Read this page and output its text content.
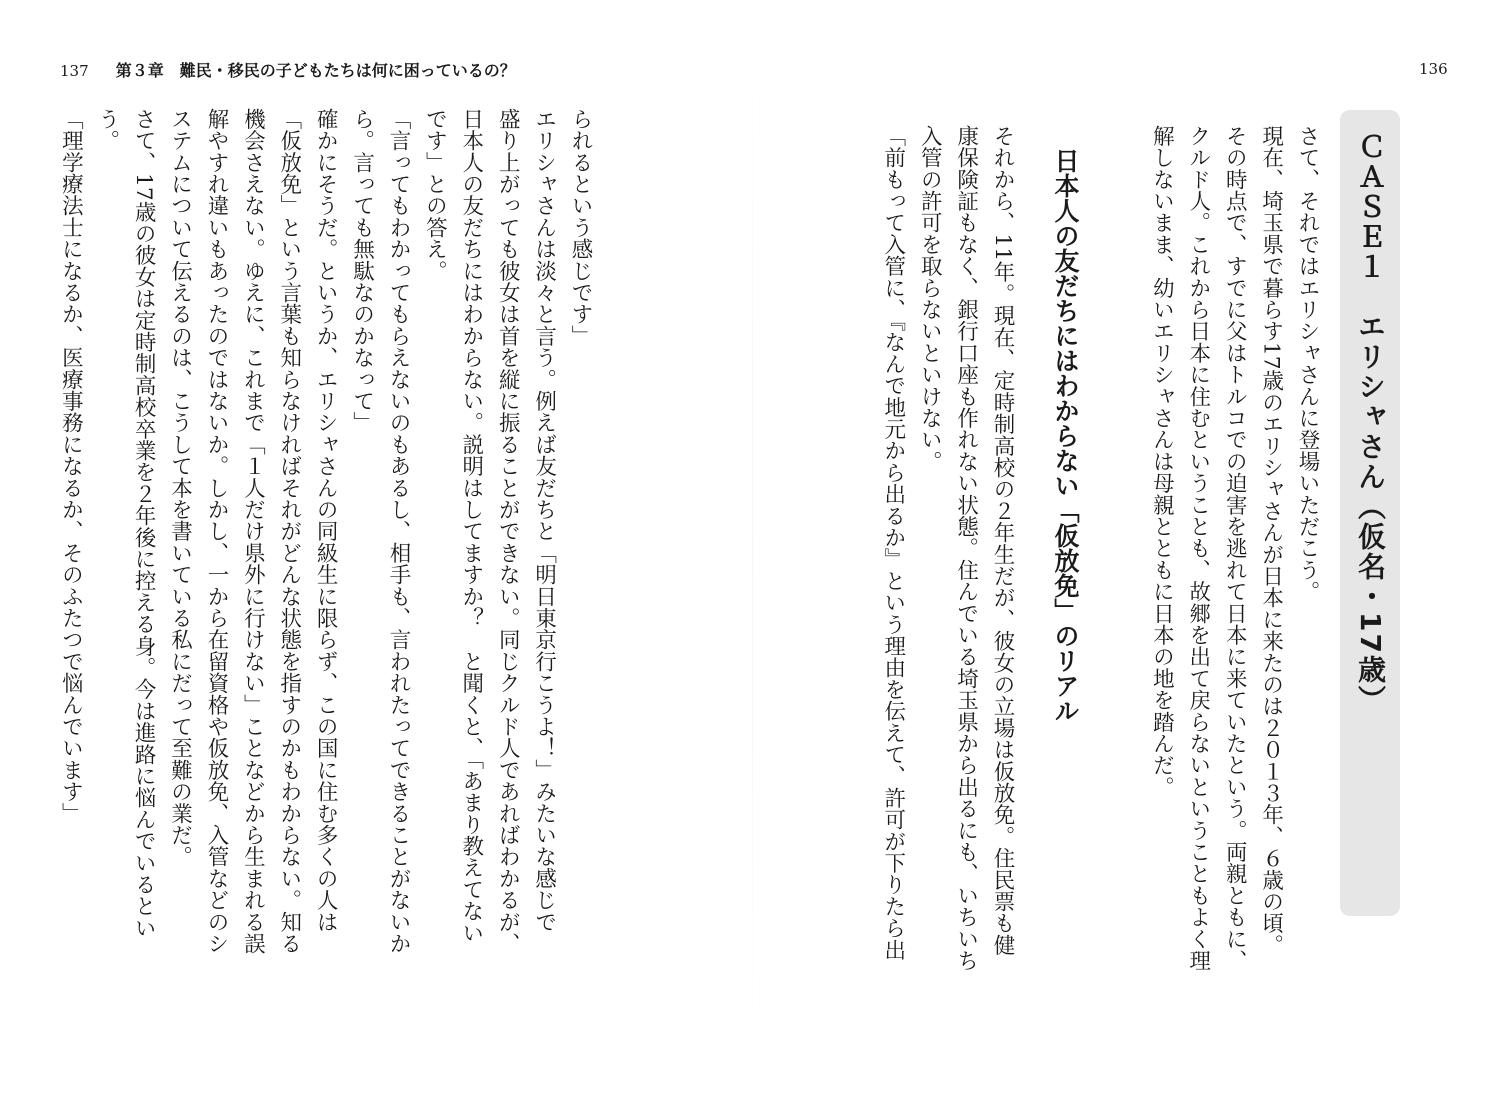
137 第３章　難民・移民の子どもたちは何に困っているの？	136
ＣＡＳＥ１　エリシャさん（仮名・17歳）
さて、それではエリシャさんに登場いただこう。
現在、埼玉県で暮らす17歳のエリシャさんが日本に来たのは２０１３年、６歳の頃。
その時点で、すでに父はトルコでの迫害を逃れて日本に来ていたという。両親ともに、
クルド人。これから日本に住むということも、故郷を出て戻らないということもよく理
解しないまま、幼いエリシャさんは母親とともに日本の地を踏んだ。
日本人の友だちにはわからない「仮放免」のリアル
それから、11年。現在、定時制高校の２年生だが、彼女の立場は仮放免。住民票も健
康保険証もなく、銀行口座も作れない状態。住んでいる埼玉県から出るにも、いちいち
入管の許可を取らないといけない。
「前もって入管に、『なんで地元から出るか』という理由を伝えて、許可が下りたら出
られるという感じです」
エリシャさんは淡々と言う。例えば友だちと「明日東京行こうよ！」みたいな感じで
盛り上がっても彼女は首を縦に振ることができない。同じクルド人であればわかるが、
日本人の友だちにはわからない。説明はしてますか？　と聞くと、「あまり教えてない
です」との答え。
「言ってもわかってもらえないのもあるし、相手も、言われたってできることがないか
ら。言っても無駄なのかなって」
確かにそうだ。というか、エリシャさんの同級生に限らず、この国に住む多くの人は
「仮放免」という言葉も知らなければそれがどんな状態を指すのかもわからない。知る
機会さえない。ゆえに、これまで「１人だけ県外に行けない」ことなどから生まれる誤
解やすれ違いもあったのではないか。しかし、一から在留資格や仮放免、入管などのシ
ステムについて伝えるのは、こうして本を書いている私にだって至難の業だ。
さて、17歳の彼女は定時制高校卒業を２年後に控える身。今は進路に悩んでいるとい
う。
「理学療法士になるか、医療事務になるか、そのふたつで悩んでいます」
